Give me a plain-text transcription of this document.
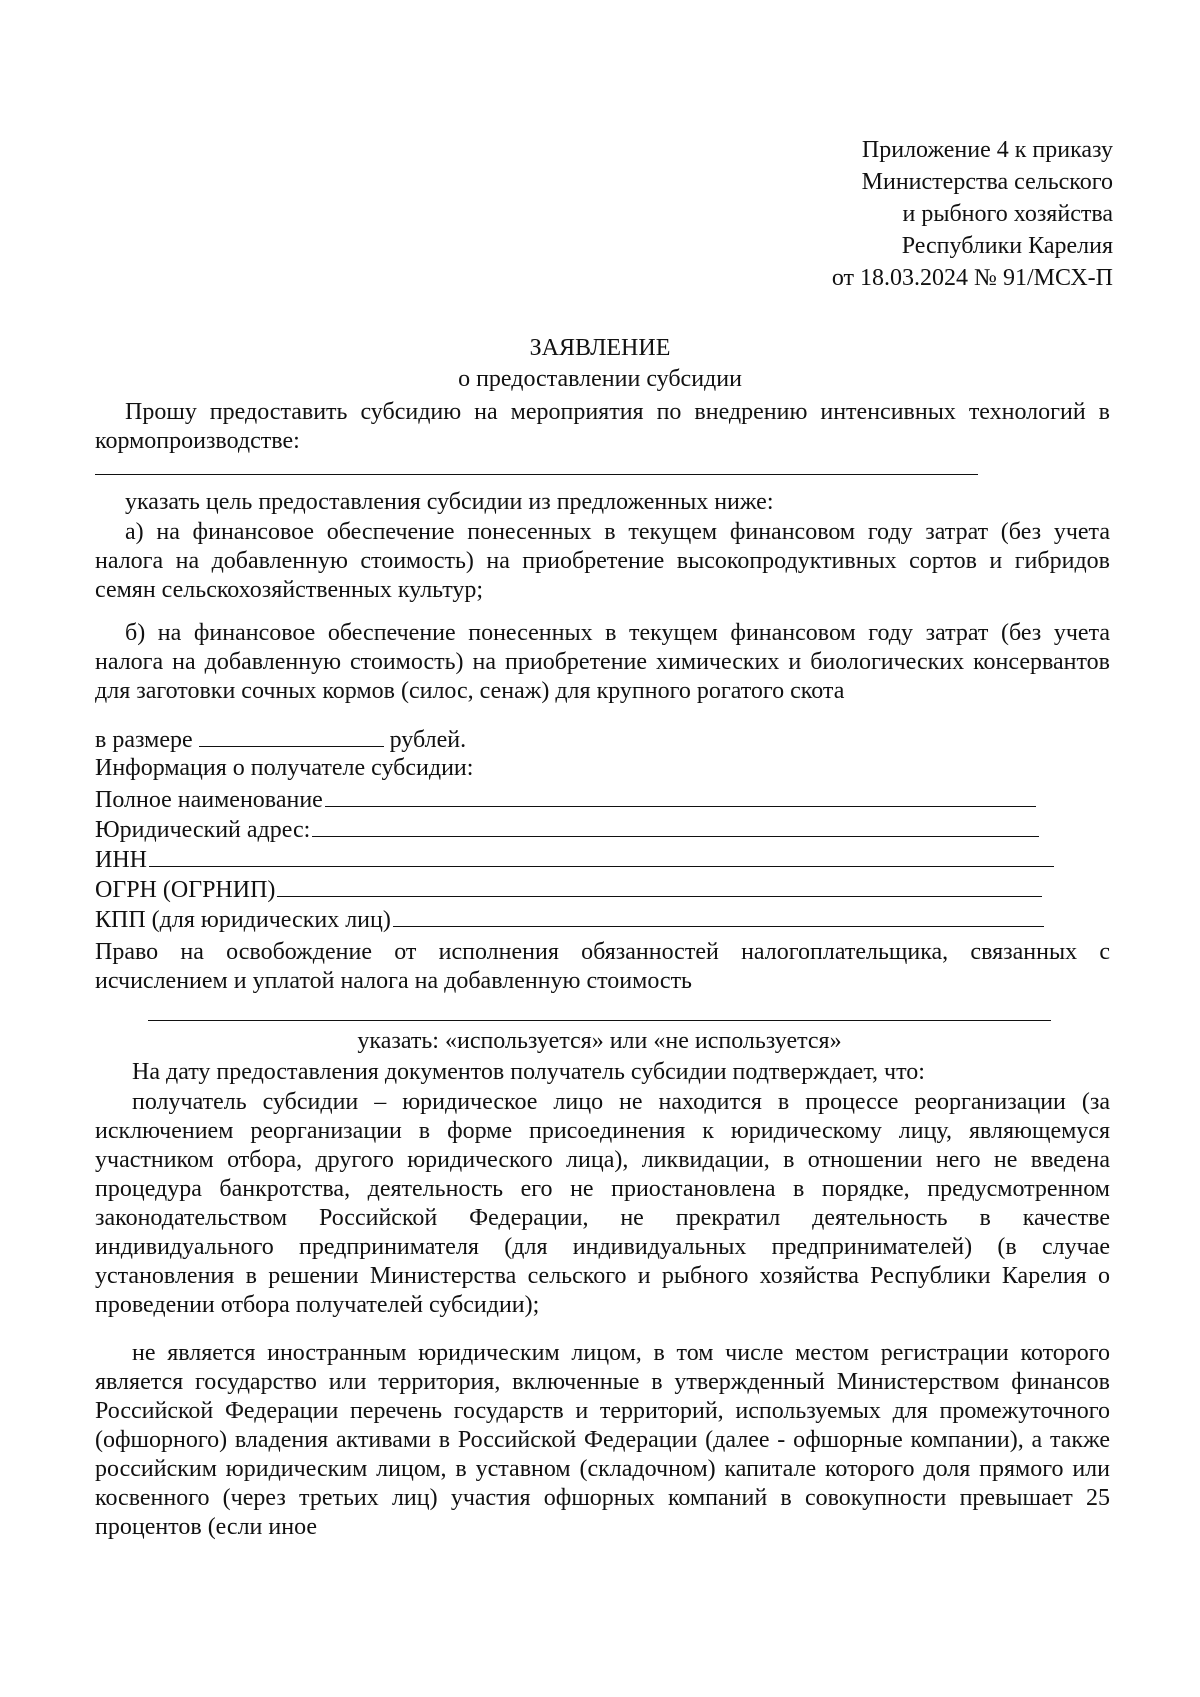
Приложение 4 к приказу
Министерства сельского
и рыбного хозяйства
Республики Карелия
от 18.03.2024 № 91/МСХ-П
ЗАЯВЛЕНИЕ
о предоставлении субсидии
Прошу предоставить субсидию на мероприятия по внедрению интенсивных технологий в кормопроизводстве:
указать цель предоставления субсидии из предложенных ниже:
а) на финансовое обеспечение понесенных в текущем финансовом году затрат (без учета налога на добавленную стоимость) на приобретение высокопродуктивных сортов и гибридов семян сельскохозяйственных культур;
б) на финансовое обеспечение понесенных в текущем финансовом году затрат (без учета налога на добавленную стоимость) на приобретение химических и биологических консервантов для заготовки сочных кормов (силос, сенаж) для крупного рогатого скота
в размере	рублей.
Информация о получателе субсидии:
Полное наименование
Юридический адрес:
ИНН
ОГРН (ОГРНИП)
КПП (для юридических лиц)
Право на освобождение от исполнения обязанностей налогоплательщика, связанных с исчислением и уплатой налога на добавленную стоимость
указать: «используется» или «не используется»
На дату предоставления документов получатель субсидии подтверждает, что:
получатель субсидии – юридическое лицо не находится в процессе реорганизации (за исключением реорганизации в форме присоединения к юридическому лицу, являющемуся участником отбора, другого юридического лица), ликвидации, в отношении него не введена процедура банкротства, деятельность его не приостановлена в порядке, предусмотренном законодательством Российской Федерации, не прекратил деятельность в качестве индивидуального предпринимателя (для индивидуальных предпринимателей) (в случае установления в решении Министерства сельского и рыбного хозяйства Республики Карелия о проведении отбора получателей субсидии);
не является иностранным юридическим лицом, в том числе местом регистрации которого является государство или территория, включенные в утвержденный Министерством финансов Российской Федерации перечень государств и территорий, используемых для промежуточного (офшорного) владения активами в Российской Федерации (далее - офшорные компании), а также российским юридическим лицом, в уставном (складочном) капитале которого доля прямого или косвенного (через третьих лиц) участия офшорных компаний в совокупности превышает 25 процентов (если иное
